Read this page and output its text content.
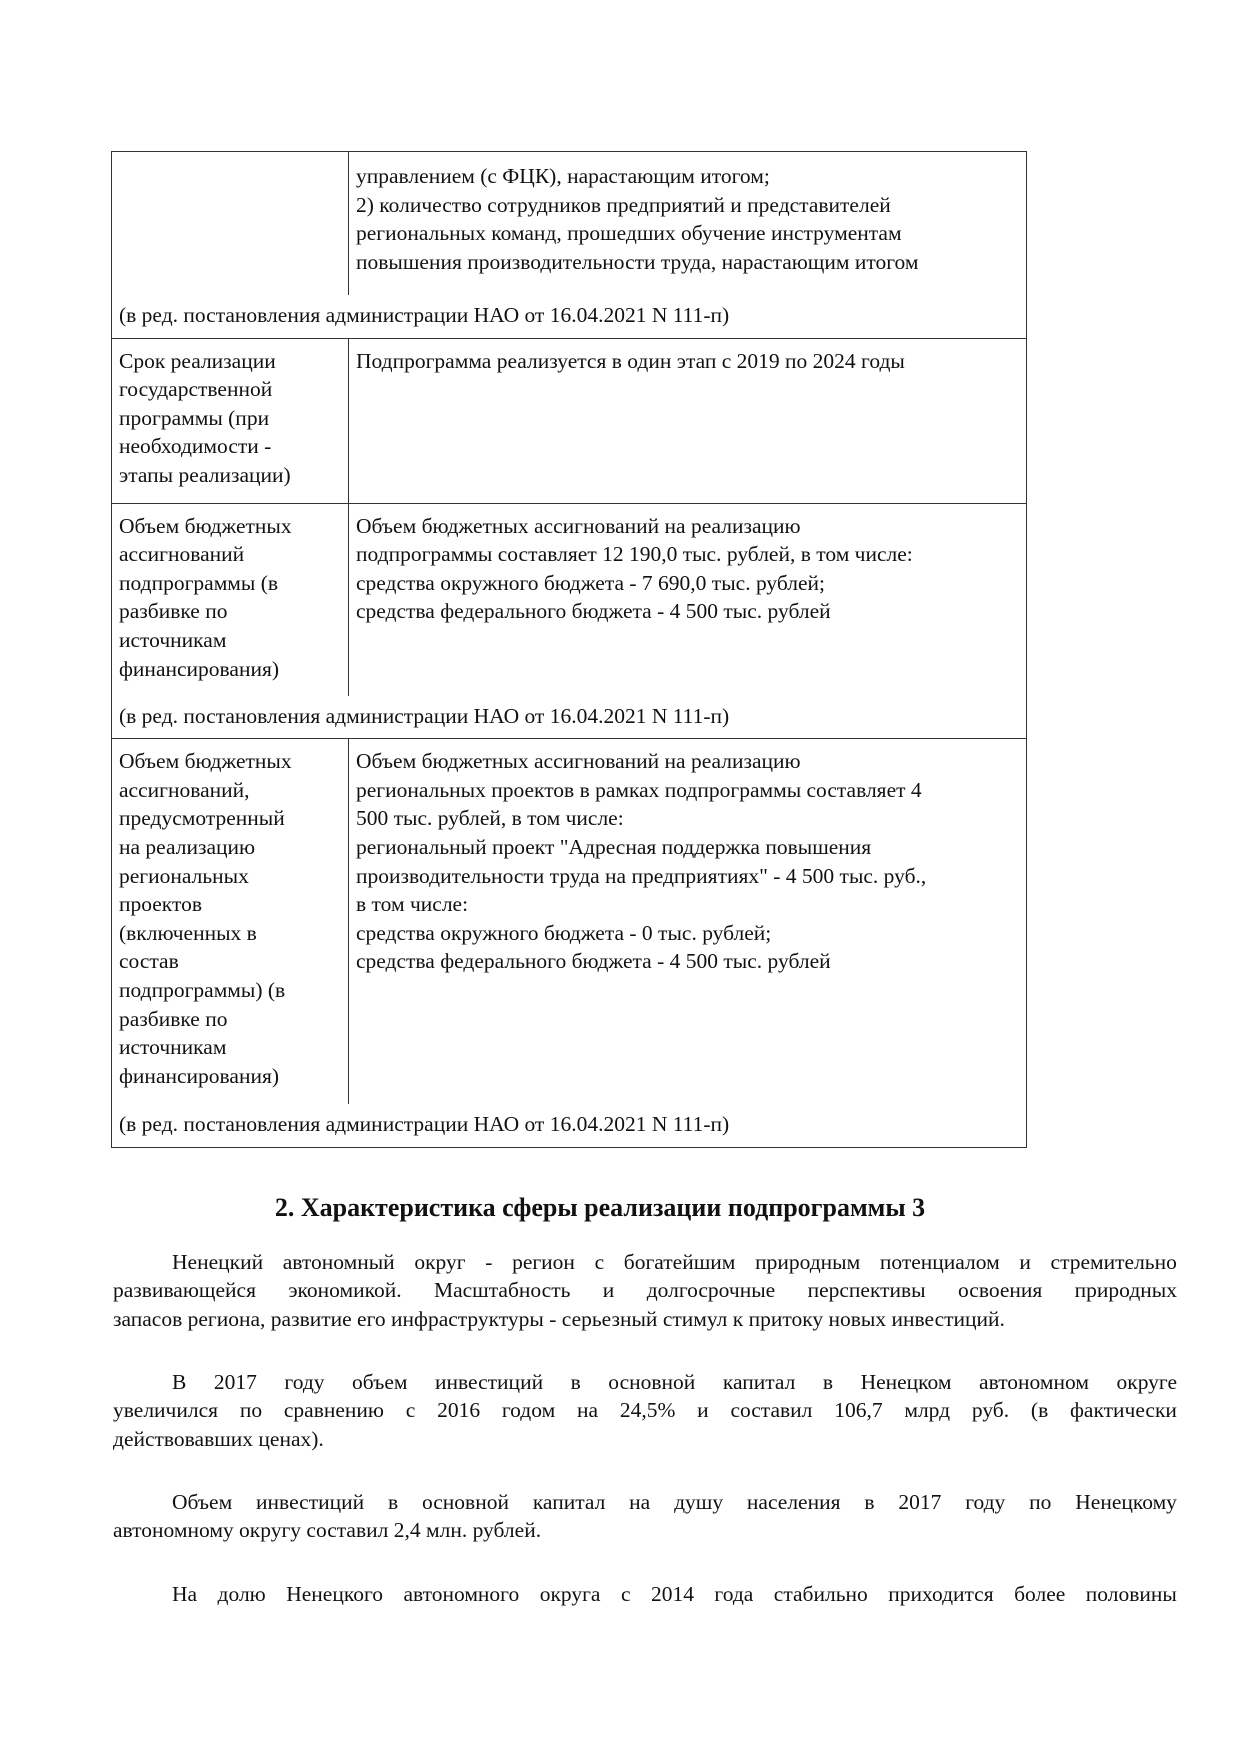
управлением (с ФЦК), нарастающим итогом;
2) количество сотрудников предприятий и представителей
региональных команд, прошедших обучение инструментам
повышения производительности труда, нарастающим итогом
(в ред. постановления администрации НАО от 16.04.2021 N 111-п)
Срок реализации
государственной
программы (при
необходимости -
этапы реализации)
Подпрограмма реализуется в один этап с 2019 по 2024 годы
Объем бюджетных
ассигнований
подпрограммы (в
разбивке по
источникам
финансирования)
Объем бюджетных ассигнований на реализацию
подпрограммы составляет 12 190,0 тыс. рублей, в том числе:
средства окружного бюджета - 7 690,0 тыс. рублей;
средства федерального бюджета - 4 500 тыс. рублей
(в ред. постановления администрации НАО от 16.04.2021 N 111-п)
Объем бюджетных
ассигнований,
предусмотренный
на реализацию
региональных
проектов
(включенных в
состав
подпрограммы) (в
разбивке по
источникам
финансирования)
Объем бюджетных ассигнований на реализацию
региональных проектов в рамках подпрограммы составляет 4
500 тыс. рублей, в том числе:
региональный проект "Адресная поддержка повышения
производительности труда на предприятиях" - 4 500 тыс. руб.,
в том числе:
средства окружного бюджета - 0 тыс. рублей;
средства федерального бюджета - 4 500 тыс. рублей
(в ред. постановления администрации НАО от 16.04.2021 N 111-п)
2. Характеристика сферы реализации подпрограммы 3
Ненецкий автономный округ - регион с богатейшим природным потенциалом и стремительно
развивающейся экономикой. Масштабность и долгосрочные перспективы освоения природных
запасов региона, развитие его инфраструктуры - серьезный стимул к притоку новых инвестиций.
В 2017 году объем инвестиций в основной капитал в Ненецком автономном округе
увеличился по сравнению с 2016 годом на 24,5% и составил 106,7 млрд руб. (в фактически
действовавших ценах).
Объем инвестиций в основной капитал на душу населения в 2017 году по Ненецкому
автономному округу составил 2,4 млн. рублей.
На долю Ненецкого автономного округа с 2014 года стабильно приходится более половины
